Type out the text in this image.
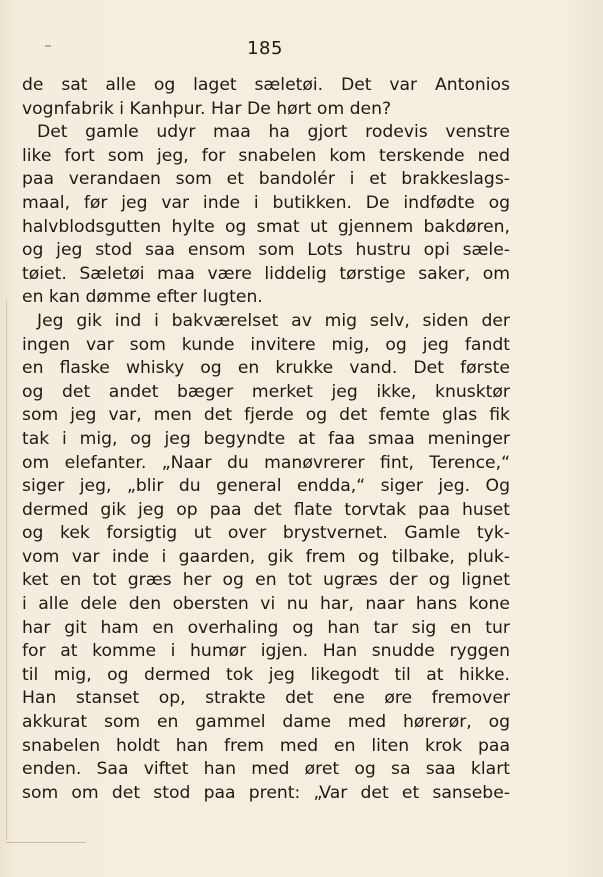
185
de sat alle og laget sæletøi. Det var Antonios
vognfabrik i Kanhpur. Har De hørt om den?
Det gamle udyr maa ha gjort rodevis venstre
like fort som jeg, for snabelen kom terskende ned
paa verandaen som et bandolér i et brakkeslags-
maal, før jeg var inde i butikken. De indfødte og
halvblodsgutten hylte og smat ut gjennem bakdøren,
og jeg stod saa ensom som Lots hustru opi sæle-
tøiet. Sæletøi maa være liddelig tørstige saker, om
en kan dømme efter lugten.
Jeg gik ind i bakværelset av mig selv, siden der
ingen var som kunde invitere mig, og jeg fandt
en flaske whisky og en krukke vand. Det første
og det andet bæger merket jeg ikke, knusktør
som jeg var, men det fjerde og det femte glas fik
tak i mig, og jeg begyndte at faa smaa meninger
om elefanter. „Naar du manøvrerer fint, Terence,“
siger jeg, „blir du general endda,“ siger jeg. Og
dermed gik jeg op paa det flate torvtak paa huset
og kek forsigtig ut over brystvernet. Gamle tyk-
vom var inde i gaarden, gik frem og tilbake, pluk-
ket en tot græs her og en tot ugræs der og lignet
i alle dele den obersten vi nu har, naar hans kone
har git ham en overhaling og han tar sig en tur
for at komme i humør igjen. Han snudde ryggen
til mig, og dermed tok jeg likegodt til at hikke.
Han stanset op, strakte det ene øre fremover
akkurat som en gammel dame med hørerør, og
snabelen holdt han frem med en liten krok paa
enden. Saa viftet han med øret og sa saa klart
som om det stod paa prent: „Var det et sansebe-
